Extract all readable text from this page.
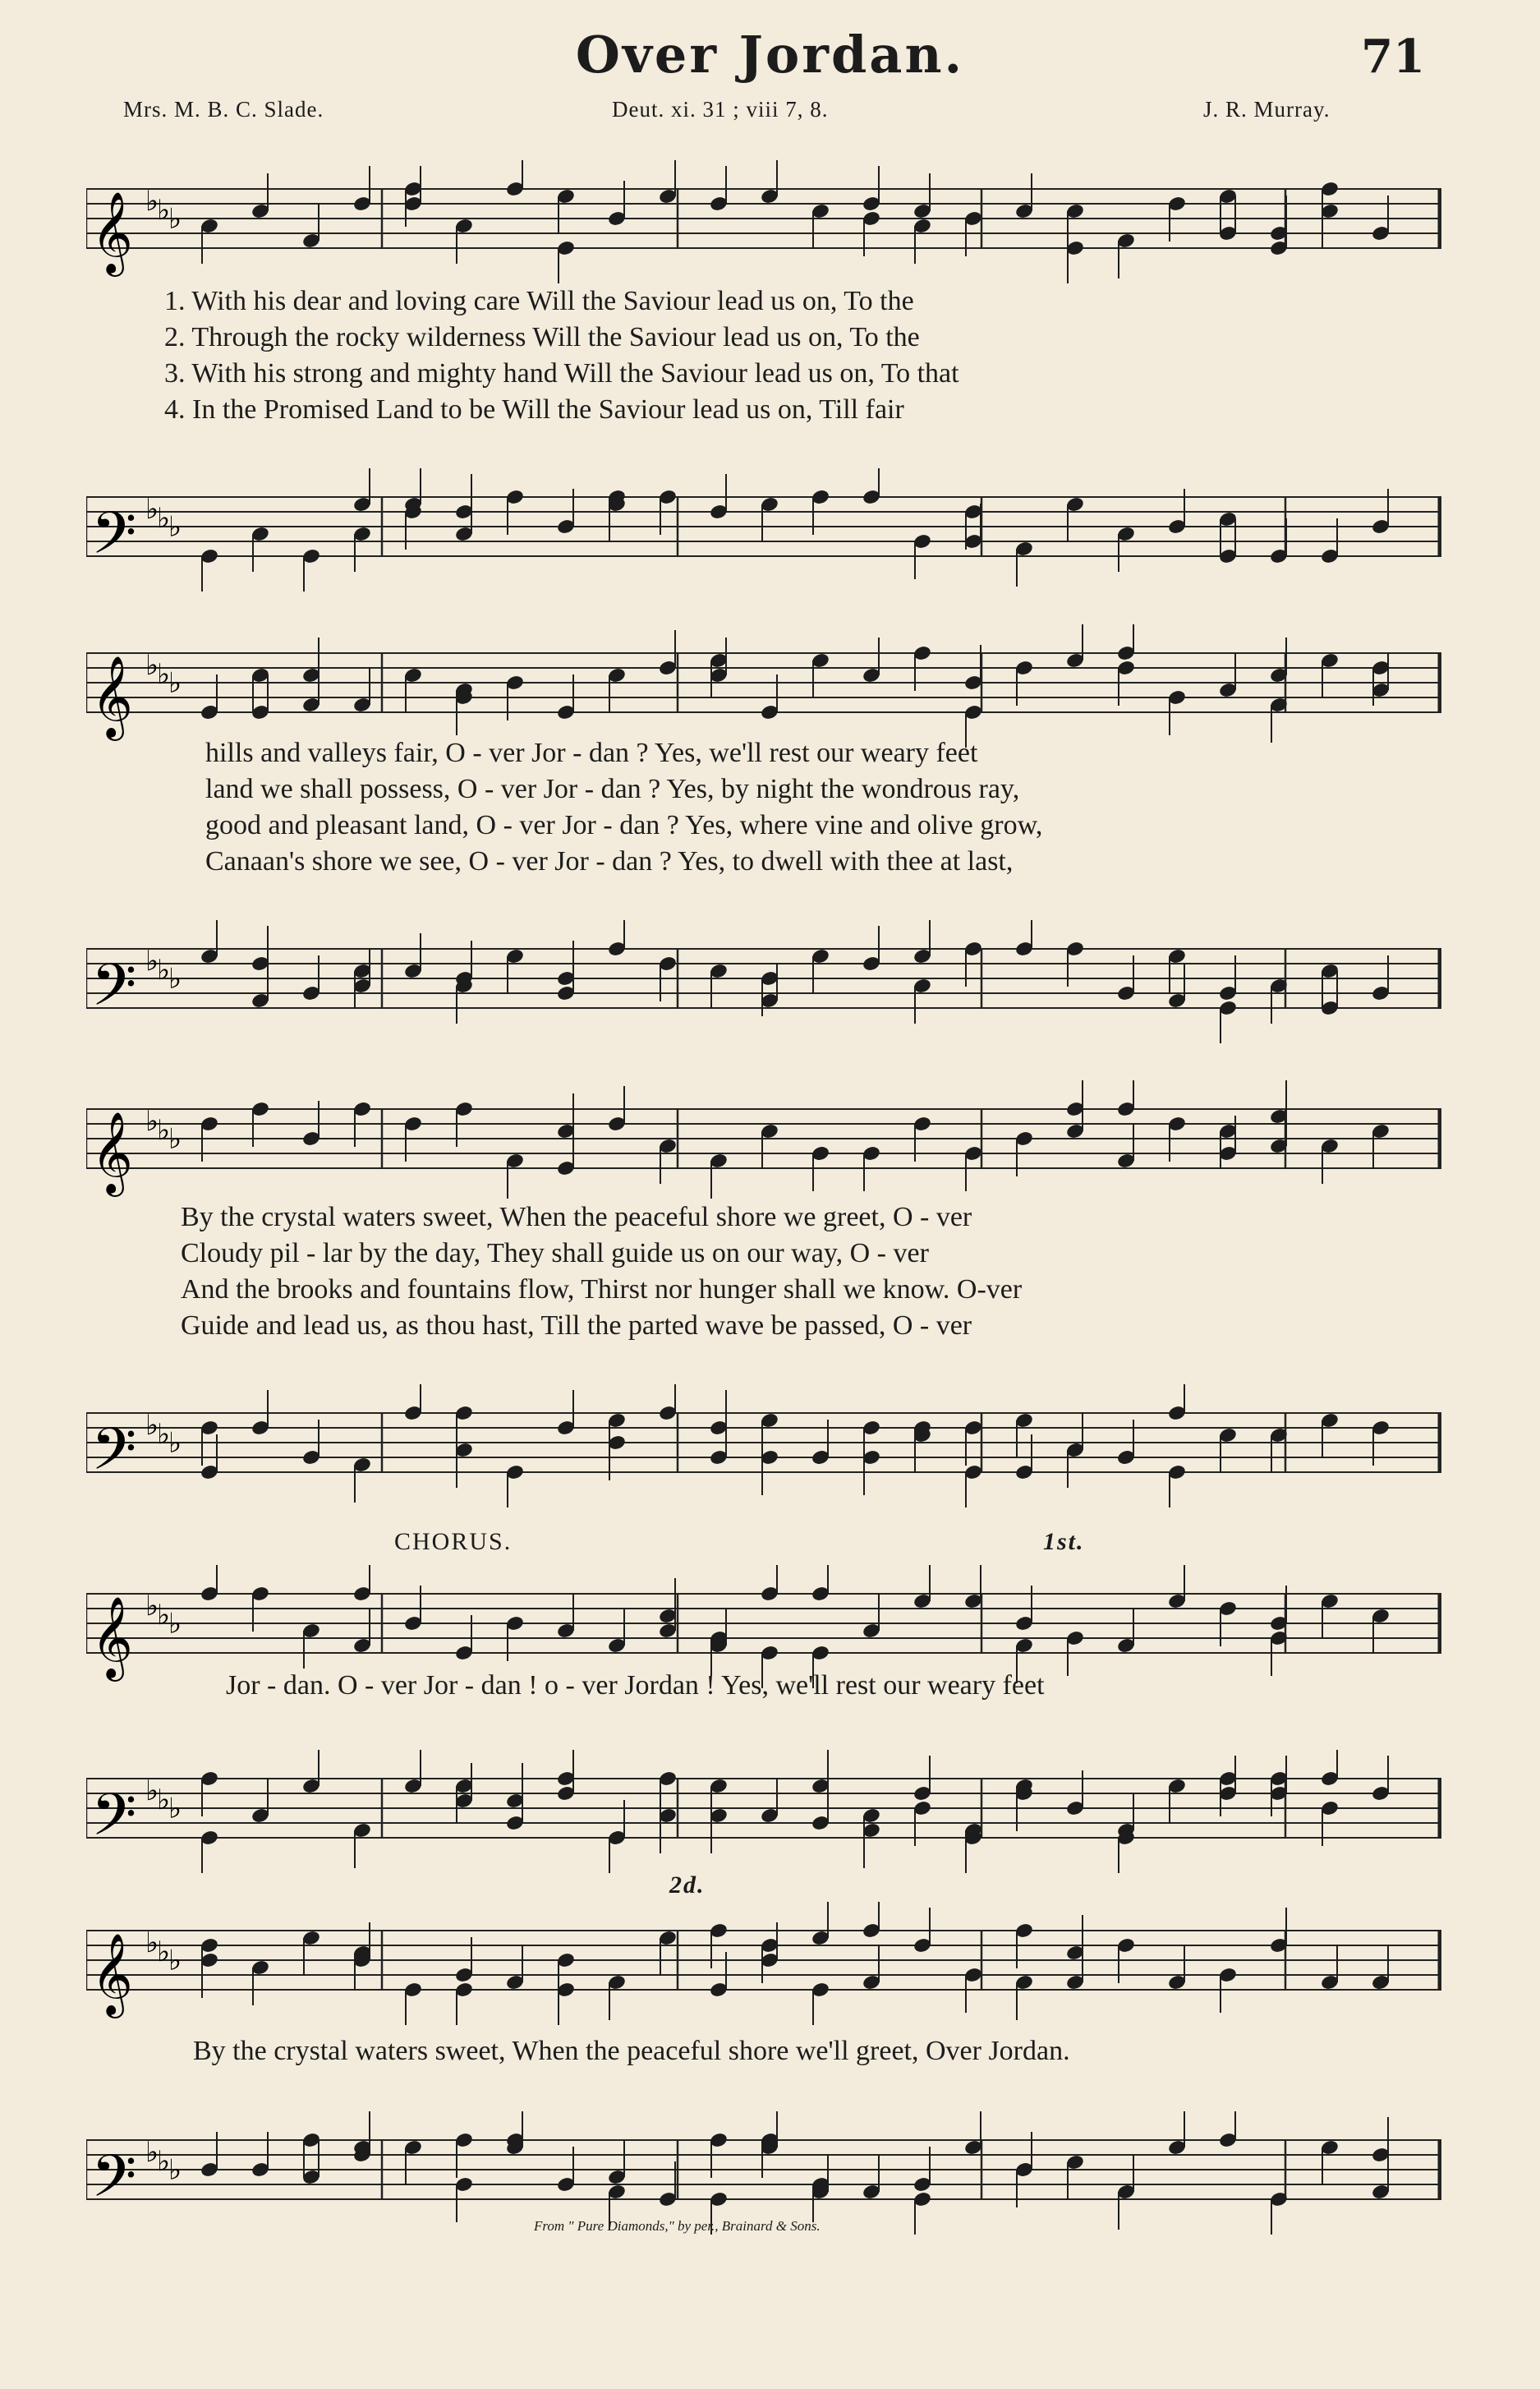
Over Jordan.	71
Mrs. M. B. C. Slade.	Deut. xi. 31 ; viii 7, 8.	J. R. Murray.
𝄞 ♭
♭
♭
1. With his dear and loving care Will the Saviour lead us on, To the
2. Through the rocky wilderness Will the Saviour lead us on, To the
3. With his strong and mighty hand Will the Saviour lead us on, To that
4. In the Promised Land to be Will the Saviour lead us on, Till fair
𝄢 ♭
♭
♭
𝄞 ♭
♭
♭
hills and valleys fair, O - ver Jor - dan ? Yes, we'll rest our weary feet
land we shall possess, O - ver Jor - dan ? Yes, by night the wondrous ray,
good and pleasant land, O - ver Jor - dan ? Yes, where vine and olive grow,
Canaan's shore we see, O - ver Jor - dan ? Yes, to dwell with thee at last,
𝄢 ♭
♭
♭
𝄞 ♭
♭
♭
By the crystal waters sweet, When the peaceful shore we greet, O - ver
Cloudy pil - lar by the day, They shall guide us on our way, O - ver
And the brooks and fountains flow, Thirst nor hunger shall we know. O-ver
Guide and lead us, as thou hast, Till the parted wave be passed, O - ver
𝄢 ♭
♭
♭
CHORUS.	1st.
𝄞 ♭
♭
♭
Jor - dan. O - ver Jor - dan ! o - ver Jordan ! Yes, we'll rest our weary feet
𝄢 ♭
♭
♭
2d.
𝄞 ♭
♭
♭
By the crystal waters sweet, When the peaceful shore we'll greet, Over Jordan.
𝄢 ♭
♭
♭
From " Pure Diamonds," by per., Brainard & Sons.
